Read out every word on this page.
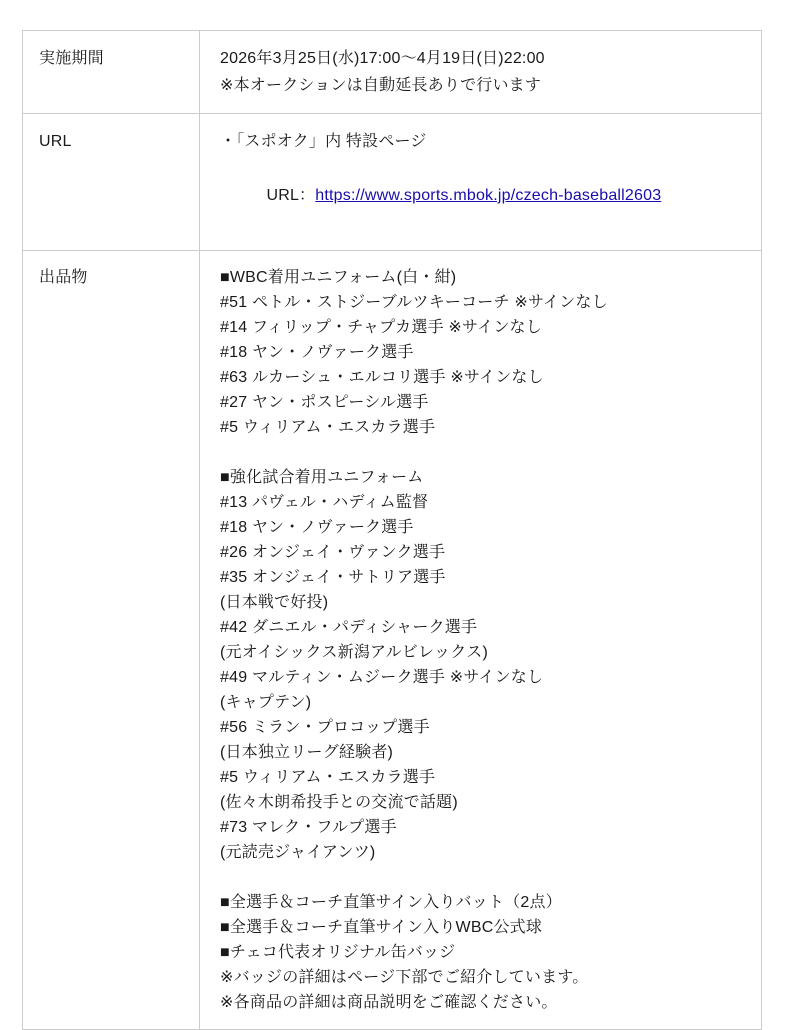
実施期間	2026年3月25日(水)17:00〜4月19日(日)22:00
※本オークションは自動延長ありで行います
URL	・「スポオク」内 特設ページ

URL：https://www.sports.mbok.jp/czech-baseball2603

出品物	■WBC着用ユニフォーム(白・紺)
#51 ペトル・ストジーブルツキーコーチ ※サインなし
#14 フィリップ・チャプカ選手 ※サインなし
#18 ヤン・ノヴァーク選手
#63 ルカーシュ・エルコリ選手 ※サインなし
#27 ヤン・ポスピーシル選手
#5 ウィリアム・エスカラ選手

■強化試合着用ユニフォーム
#13 パヴェル・ハディム監督
#18 ヤン・ノヴァーク選手
#26 オンジェイ・ヴァンク選手
#35 オンジェイ・サトリア選手
(日本戦で好投)
#42 ダニエル・パディシャーク選手
(元オイシックス新潟アルビレックス)
#49 マルティン・ムジーク選手 ※サインなし
(キャプテン)
#56 ミラン・プロコップ選手
(日本独立リーグ経験者)
#5 ウィリアム・エスカラ選手
(佐々木朗希投手との交流で話題)
#73 マレク・フルプ選手
(元読売ジャイアンツ)

■全選手＆コーチ直筆サイン入りバット（2点）
■全選手＆コーチ直筆サイン入りWBC公式球
■チェコ代表オリジナル缶バッジ
※バッジの詳細はページ下部でご紹介しています。
※各商品の詳細は商品説明をご確認ください。
